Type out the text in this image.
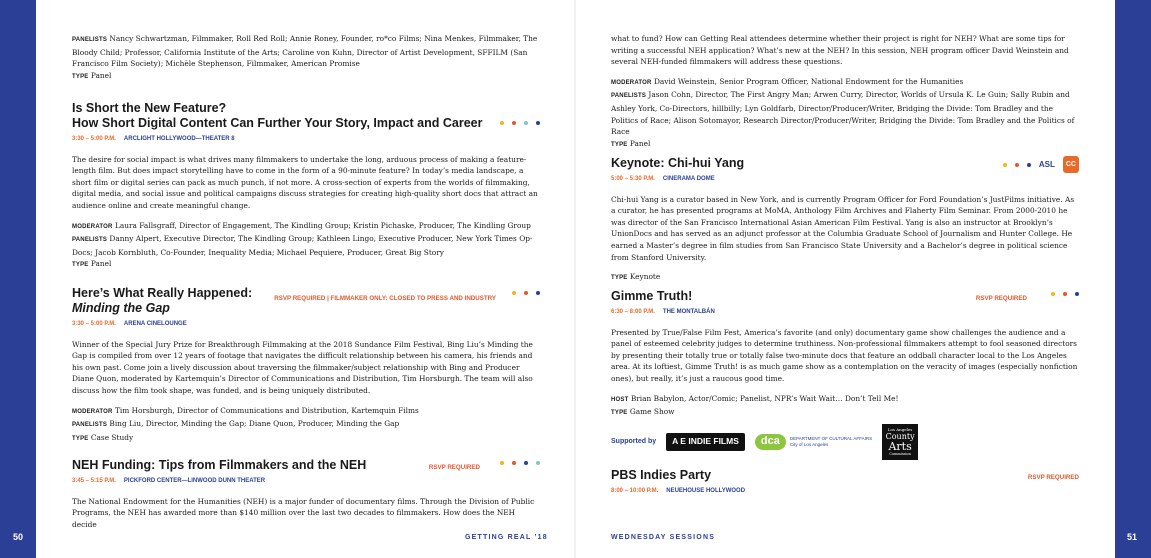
50	51
PANELISTS Nancy Schwartzman, Filmmaker, Roll Red Roll; Annie Roney, Founder, ro*co Films; Nina Menkes, Filmmaker, The Bloody Child; Professor, California Institute of the Arts; Caroline von Kuhn, Director of Artist Development, SFFILM (San Francisco Film Society); Michèle Stephenson, Filmmaker, American Promise
TYPE Panel
Is Short the New Feature?
How Short Digital Content Can Further Your Story, Impact and Career
3:30 – 5:00 P.M. ARCLIGHT HOLLYWOOD—THEATER 8
The desire for social impact is what drives many filmmakers to undertake the long, arduous process of making a feature-length film. But does impact storytelling have to come in the form of a 90-minute feature? In today’s media landscape, a short film or digital series can pack as much punch, if not more. A cross-section of experts from the worlds of filmmaking, digital media, and social issue and political campaigns discuss strategies for creating high-quality short docs that attract an audience online and create meaningful change.
MODERATOR Laura Fallsgraff, Director of Engagement, The Kindling Group; Kristin Pichaske, Producer, The Kindling Group
PANELISTS Danny Alpert, Executive Director, The Kindling Group; Kathleen Lingo, Executive Producer, New York Times Op-Docs; Jacob Kornbluth, Co-Founder, Inequality Media; Michael Pequiere, Producer, Great Big Story
TYPE Panel
Here’s What Really Happened:
Minding the Gap
RSVP REQUIRED | FILMMAKER ONLY: CLOSED TO PRESS AND INDUSTRY
3:30 – 5:00 P.M. ARENA CINELOUNGE
Winner of the Special Jury Prize for Breakthrough Filmmaking at the 2018 Sundance Film Festival, Bing Liu’s Minding the Gap is compiled from over 12 years of footage that navigates the difficult relationship between his camera, his friends and his own past. Come join a lively discussion about traversing the filmmaker/subject relationship with Bing and Producer Diane Quon, moderated by Kartemquin’s Director of Communications and Distribution, Tim Horsburgh. The team will also discuss how the film took shape, was funded, and is being uniquely distributed.
MODERATOR Tim Horsburgh, Director of Communications and Distribution, Kartemquin Films
PANELISTS Bing Liu, Director, Minding the Gap; Diane Quon, Producer, Minding the Gap
TYPE Case Study
NEH Funding: Tips from Filmmakers and the NEH	RSVP REQUIRED
3:45 – 5:15 P.M. PICKFORD CENTER—LINWOOD DUNN THEATER
The National Endowment for the Humanities (NEH) is a major funder of documentary films. Through the Division of Public Programs, the NEH has awarded more than $140 million over the last two decades to filmmakers. How does the NEH decide
GETTING REAL ’18
what to fund? How can Getting Real attendees determine whether their project is right for NEH? What are some tips for writing a successful NEH application? What’s new at the NEH? In this session, NEH program officer David Weinstein and several NEH-funded filmmakers will address these questions.
MODERATOR David Weinstein, Senior Program Officer, National Endowment for the Humanities
PANELISTS Jason Cohn, Director, The First Angry Man; Arwen Curry, Director, Worlds of Ursula K. Le Guin; Sally Rubin and Ashley York, Co-Directors, hillbilly; Lyn Goldfarb, Director/Producer/Writer, Bridging the Divide: Tom Bradley and the Politics of Race; Alison Sotomayor, Research Director/Producer/Writer, Bridging the Divide: Tom Bradley and the Politics of Race
TYPE Panel
Keynote: Chi-hui Yang	ASL	CC
5:00 – 5:30 P.M. CINERAMA DOME
Chi-hui Yang is a curator based in New York, and is currently Program Officer for Ford Foundation’s JustFilms initiative. As a curator, he has presented programs at MoMA, Anthology Film Archives and Flaherty Film Seminar. From 2000-2010 he was director of the San Francisco International Asian American Film Festival. Yang is also an instructor at Brooklyn’s UnionDocs and has served as an adjunct professor at the Columbia Graduate School of Journalism and Hunter College. He earned a Master’s degree in film studies from San Francisco State University and a Bachelor’s degree in political science from Stanford University.
TYPE Keynote
Gimme Truth!	RSVP REQUIRED
6:30 – 8:00 P.M. THE MONTALBÁN
Presented by True/False Film Fest, America’s favorite (and only) documentary game show challenges the audience and a panel of esteemed celebrity judges to determine truthiness. Non-professional filmmakers attempt to fool seasoned directors by presenting their totally true or totally false two-minute docs that feature an oddball character local to the Los Angeles area. At its loftiest, Gimme Truth! is as much game show as a contemplation on the veracity of images (especially nonfiction ones), but really, it’s just a raucous good time.
HOST Brian Babylon, Actor/Comic; Panelist, NPR’s Wait Wait… Don’t Tell Me!
TYPE Game Show
Supported by	A E INDIE FILMS	dca	DEPARTMENT OF CULTURAL AFFAIRS
City of Los Angeles
Los Angeles
County
Arts
Commission
PBS Indies Party	RSVP REQUIRED
8:00 – 10:00 P.M. NEUEHOUSE HOLLYWOOD
WEDNESDAY SESSIONS
